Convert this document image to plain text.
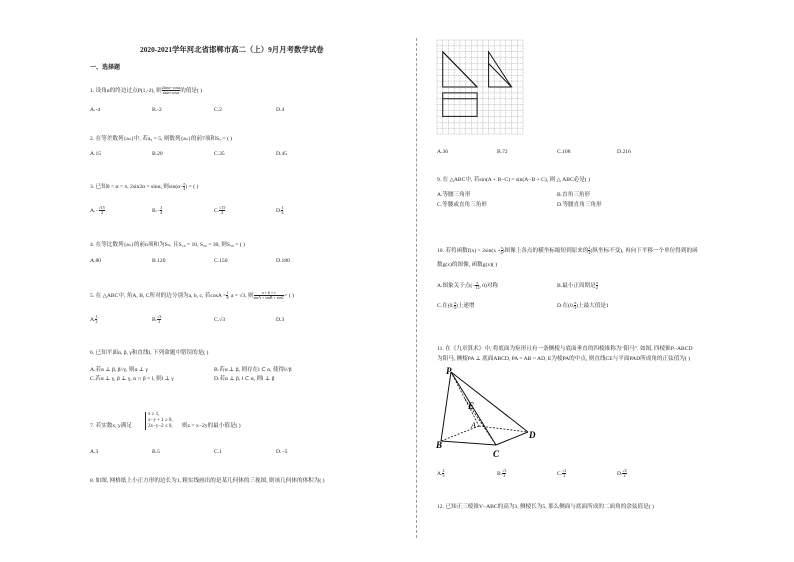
2020-2021学年河北省邯郸市高二（上）9月月考数学试卷
一、选择题
1. 设角α的终边过点P(1,-2), 则 $\frac{2\sin\alpha-\cos\alpha}{\sin\alpha+\cos\alpha}$ 的值是( )
A.-4	B.-2	C.2	D.4
2. 在等差数列{aₙ}中, 若a₃ = 5, 则数列{aₙ}的前7项和S₇ = ( )
A.15	B.20	C.35	D.45
3. 已知0 < α < π, 2sin2α = sinα, 则$\sin(\alpha- \frac{\pi}{4}$ ) = ( )
$A.- \frac{√15}{4}$	$B.- \frac{3}{4}$	C. $\frac{√15}{4}$	D. $\frac{1}{4}$
4. 在等比数列{aₙ}的前n项和为Sₙ, 且S₁₀ = 10, S₂₀ = 30, 则S₃₀ = ( )
A.80	B.120	C.150	D.180
5. 在 △ABC中, 角A, B, C所对的边分别为a, b, c, 若$\cos A = \frac{1}{3}$ , a = √3, 则 $\frac{a + b + c}{\sin A + \sin B + \sin C}$ = ( )
A. $\frac{1}{2}$	B. $\frac{√3}{2}$	C.√3	D.3
6. 已知平面α, β, γ和直线l, 下列命题中错误的是( )
A.若α ⊥ β, β//γ, 则α ⊥ γ	B.若α ⊥ β, 则存在l ⊂ α, 使得l//β
C.若α ⊥ γ, β ⊥ γ, α ∩ β = l, 则l ⊥ γ	D.若α ⊥ β, l ⊂ α, 则l ⊥ β
7. 若实数x, y满足
x ≥ 1,
x−y + 1 ≥ 0,
2x−y−2 ≤ 0, 则z = x−2y的最小值是( )
A.3	B.5	C.1	D.−5
8. 如图, 网格纸上小正方形的边长为1, 粗实线画出的是某几何体的三视图, 则该几何体的体积为( )
A.36	B.72	C.108	D.216
9. 在 △ABC中, 若sin(A + B−C) = sin(A−B + C), 则 △ ABC必是( )
A.等腰三角形	B.直角三角形
C.等腰或直角三角形	D.等腰直角三角形
10. 若将函数$f(x) = 2\sin(x + \frac{\pi}{6}$ )图像上各点的横坐标缩短到原来的 $\frac{1}{2}$ (纵坐标不变), 再向下平移一个单位得到的函
数g(x)的图像, 函数g(x)( )
A.图象关于点(− $\frac{\pi}{12}$ , 0)对称	B.最小正周期是 $\frac{\pi}{2}$
C.在(0, $\frac{\pi}{3}$ )上递增	D.在(0, $\frac{\pi}{3}$ )上最大值是1
11. 在《九章算术》中, 将底面为矩形且有一条侧棱与底面垂直的四棱锥称为"阳马". 如图, 四棱锥P−ABCD
为阳马, 侧棱PA ⊥ 底面ABCD, PA = AB = AD, E为棱PA的中点, 则直线CE与平面PAD所成角的正弦值为( )
P
E
A
B
C
D
A. $\frac{2}{3}$	B. $\frac{√3}{3}$	C. $\frac{√2}{3}$	D. $\frac{√2}{2}$
12. 已知正三棱锥V−ABC的高为3, 侧棱长为5, 那么侧面与底面所成的二面角的余弦值是( )
